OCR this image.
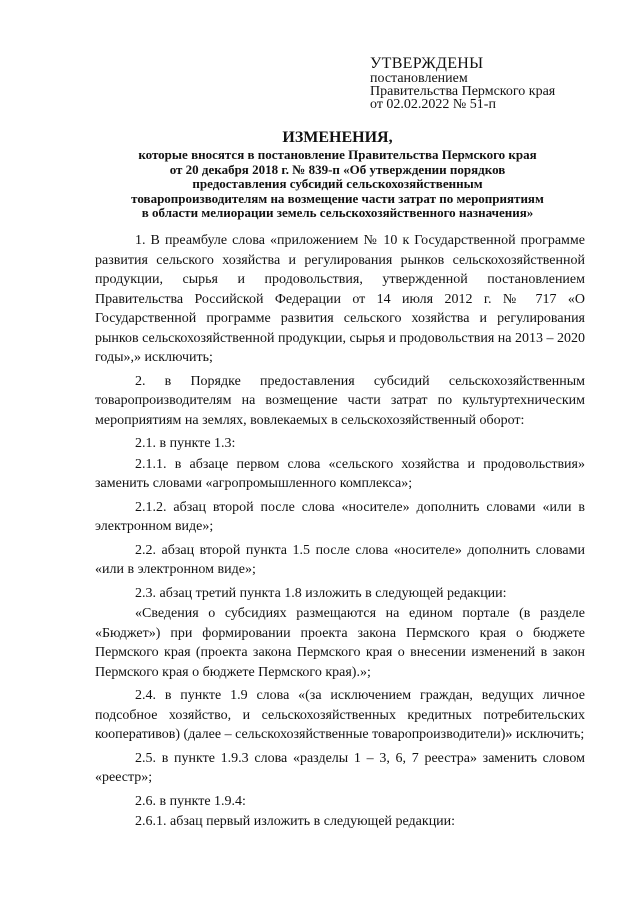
УТВЕРЖДЕНЫ
постановлением
Правительства Пермского края
от 02.02.2022 № 51-п
ИЗМЕНЕНИЯ,
которые вносятся в постановление Правительства Пермского края
от 20 декабря 2018 г. № 839-п «Об утверждении порядков
предоставления субсидий сельскохозяйственным
товаропроизводителям на возмещение части затрат по мероприятиям
в области мелиорации земель сельскохозяйственного назначения»

1. В преамбуле слова «приложением № 10 к Государственной программе развития сельского хозяйства и регулирования рынков сельскохозяйственной продукции, сырья и продовольствия, утвержденной постановлением Правительства Российской Федерации от 14 июля 2012 г. № 717 «О Государственной программе развития сельского хозяйства и регулирования рынков сельскохозяйственной продукции, сырья и продовольствия на 2013 – 2020 годы»,» исключить;

2. в Порядке предоставления субсидий сельскохозяйственным товаропроизводителям на возмещение части затрат по культуртехническим мероприятиям на землях, вовлекаемых в сельскохозяйственный оборот:

2.1. в пункте 1.3:

2.1.1. в абзаце первом слова «сельского хозяйства и продовольствия» заменить словами «агропромышленного комплекса»;

2.1.2. абзац второй после слова «носителе» дополнить словами «или в электронном виде»;

2.2. абзац второй пункта 1.5 после слова «носителе» дополнить словами «или в электронном виде»;

2.3. абзац третий пункта 1.8 изложить в следующей редакции:

«Сведения о субсидиях размещаются на едином портале (в разделе «Бюджет») при формировании проекта закона Пермского края о бюджете Пермского края (проекта закона Пермского края о внесении изменений в закон Пермского края о бюджете Пермского края).»;

2.4. в пункте 1.9 слова «(за исключением граждан, ведущих личное подсобное хозяйство, и сельскохозяйственных кредитных потребительских кооперативов) (далее – сельскохозяйственные товаропроизводители)» исключить;

2.5. в пункте 1.9.3 слова «разделы 1 – 3, 6, 7 реестра» заменить словом «реестр»;

2.6. в пункте 1.9.4:

2.6.1. абзац первый изложить в следующей редакции:
